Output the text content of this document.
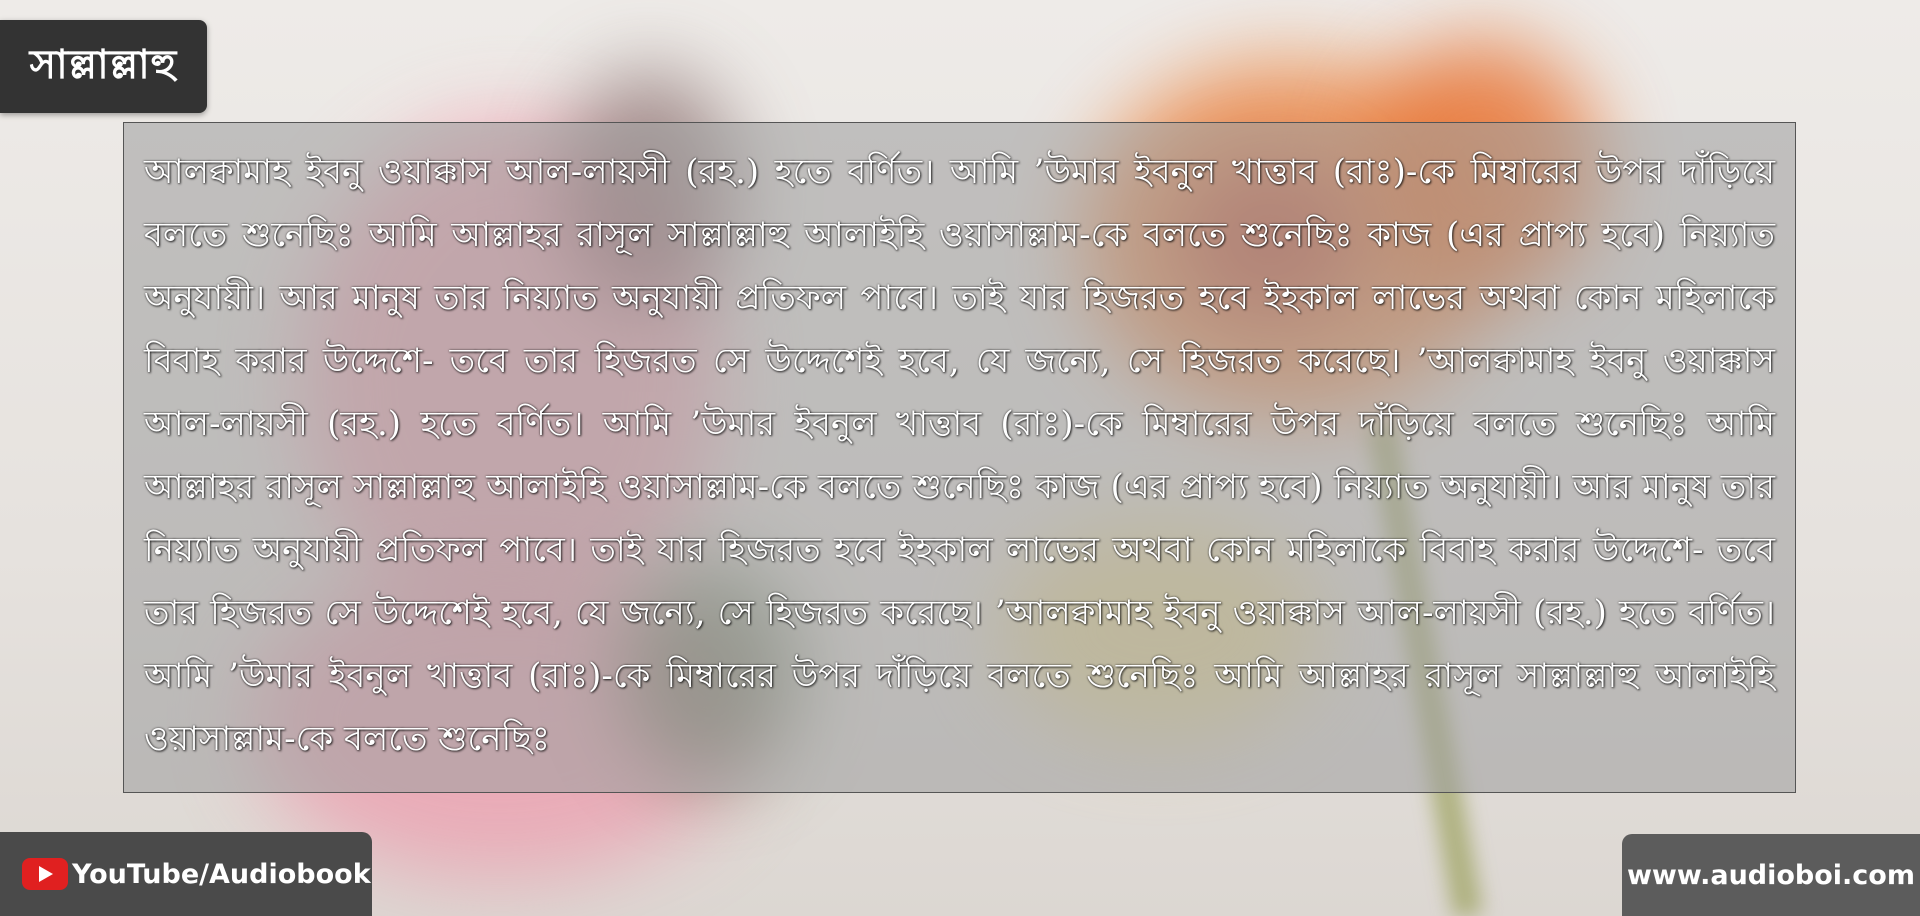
সাল্লাল্লাহু

আলক্বামাহ ইবনু ওয়াক্কাস আল-লায়সী (রহ.) হতে বর্ণিত। আমি ’উমার ইবনুল খাত্তাব (রাঃ)-কে মিম্বারের উপর দাঁড়িয়ে বলতে শুনেছিঃ আমি আল্লাহর রাসূল সাল্লাল্লাহু আলাইহি ওয়াসাল্লাম-কে বলতে শুনেছিঃ কাজ (এর প্রাপ্য হবে) নিয়্যাত অনুযায়ী। আর মানুষ তার নিয়্যাত অনুযায়ী প্রতিফল পাবে। তাই যার হিজরত হবে ইহকাল লাভের অথবা কোন মহিলাকে বিবাহ করার উদ্দেশে- তবে তার হিজরত সে উদ্দেশেই হবে, যে জন্যে, সে হিজরত করেছে। ’আলক্বামাহ ইবনু ওয়াক্কাস আল-লায়সী (রহ.) হতে বর্ণিত। আমি ’উমার ইবনুল খাত্তাব (রাঃ)-কে মিম্বারের উপর দাঁড়িয়ে বলতে শুনেছিঃ আমি আল্লাহর রাসূল সাল্লাল্লাহু আলাইহি ওয়াসাল্লাম-কে বলতে শুনেছিঃ কাজ (এর প্রাপ্য হবে) নিয়্যাত অনুযায়ী। আর মানুষ তার নিয়্যাত অনুযায়ী প্রতিফল পাবে। তাই যার হিজরত হবে ইহকাল লাভের অথবা কোন মহিলাকে বিবাহ করার উদ্দেশে- তবে তার হিজরত সে উদ্দেশেই হবে, যে জন্যে, সে হিজরত করেছে। ’আলক্বামাহ ইবনু ওয়াক্কাস আল-লায়সী (রহ.) হতে বর্ণিত। আমি ’উমার ইবনুল খাত্তাব (রাঃ)-কে মিম্বারের উপর দাঁড়িয়ে বলতে শুনেছিঃ আমি আল্লাহর রাসূল সাল্লাল্লাহু আলাইহি ওয়াসাল্লাম-কে বলতে শুনেছিঃ

YouTube/Audiobook	www.audioboi.com
